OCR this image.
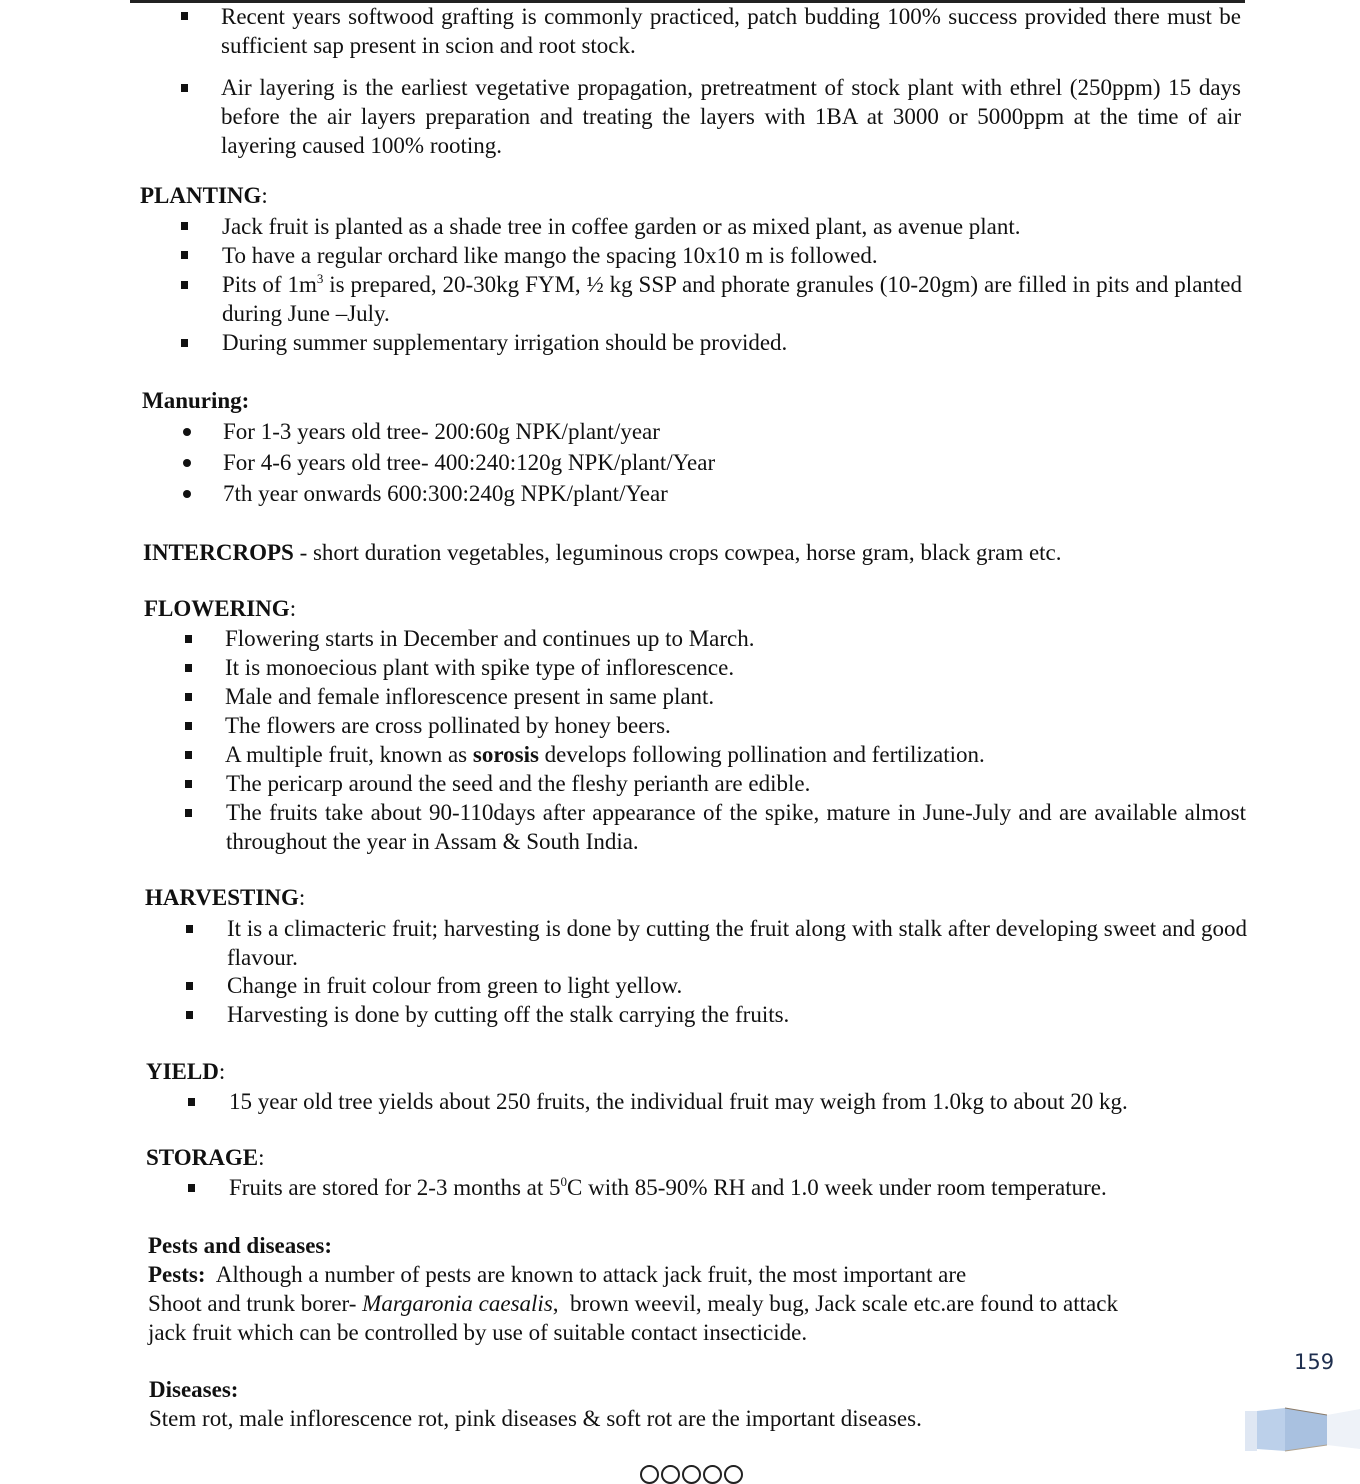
Recent years softwood grafting is commonly practiced, patch budding 100% success provided there must be sufficient sap present in scion and root stock.
Air layering is the earliest vegetative propagation, pretreatment of stock plant with ethrel (250ppm) 15 days before the air layers preparation and treating the layers with 1BA at 3000 or 5000ppm at the time of air layering caused 100% rooting.
PLANTING:
Jack fruit is planted as a shade tree in coffee garden or as mixed plant, as avenue plant.
To have a regular orchard like mango the spacing 10x10 m is followed.
Pits of $1m^3$ is prepared, 20-30kg FYM, ½ kg SSP and phorate granules (10-20gm) are filled in pits and planted during June –July.
During summer supplementary irrigation should be provided.
Manuring:
For 1-3 years old tree- 200:60g NPK/plant/year
For 4-6 years old tree- 400:240:120g NPK/plant/Year
7th year onwards 600:300:240g NPK/plant/Year
INTERCROPS - short duration vegetables, leguminous crops cowpea, horse gram, black gram etc.
FLOWERING:
Flowering starts in December and continues up to March.
It is monoecious plant with spike type of inflorescence.
Male and female inflorescence present in same plant.
The flowers are cross pollinated by honey beers.
A multiple fruit, known as sorosis develops following pollination and fertilization.
The pericarp around the seed and the fleshy perianth are edible.
The fruits take about 90-110days after appearance of the spike, mature in June-July and are available almost throughout the year in Assam & South India.
HARVESTING:
It is a climacteric fruit; harvesting is done by cutting the fruit along with stalk after developing sweet and good flavour.
Change in fruit colour from green to light yellow.
Harvesting is done by cutting off the stalk carrying the fruits.
YIELD:
15 year old tree yields about 250 fruits, the individual fruit may weigh from 1.0kg to about 20 kg.
STORAGE:
Fruits are stored for 2-3 months at $5^0C$ with 85-90% RH and 1.0 week under room temperature.
Pests and diseases:
Pests:  Although a number of pests are known to attack jack fruit, the most important are
Shoot and trunk borer- Margaronia caesalis,  brown weevil, mealy bug, Jack scale etc.are found to attack
jack fruit which can be controlled by use of suitable contact insecticide.
Diseases:
Stem rot, male inflorescence rot, pink diseases & soft rot are the important diseases.
159
